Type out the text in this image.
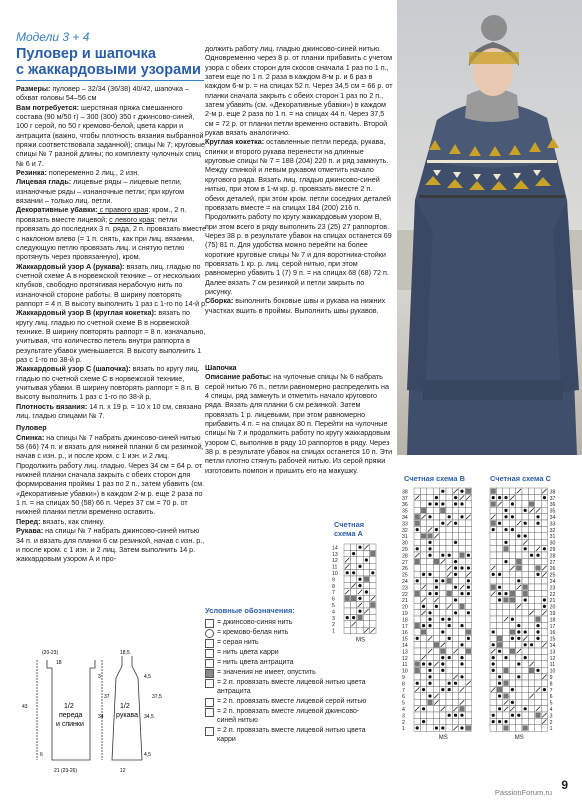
Модели 3 + 4
Пуловер и шапочка
с жаккардовыми узорами

Размеры: пуловер – 32/34 (36/38) 40/42, шапочка – обхват головы 54–56 см

Вам потребуется: шерстяная пряжа смешанного состава (90 м/50 г) – 300 (300) 350 г джинсово-синей, 100 г серой, по 50 г кремово-белой, цвета карри и антрацита (важно, чтобы плотность вязания выбранной пряжи соответствовала заданной); спицы № 7; круговые спицы № 7 разной длины; по комплекту чулочных спиц № 6 и 7.

Резинка: попеременно 2 лиц., 2 изн.

Лицевая гладь: лицевые ряды – лицевые петли, изнаночные ряды – изнаночные петли; при кругом вязании – только лиц. петли.

Декоративные убавки: с правого края: кром., 2 п. провязать вместе лицевой; с левого края: петли провязать до последних 3 п. ряда, 2 п. провязать вместе с наклоном влево (= 1 п. снять, как при лиц. вязании, следующую петлю провязать лиц. и снятую петлю протянуть через провязанную), кром.

Жаккардовый узор А (рукава): вязать лиц. гладью по счетной схеме А в норвежской технике – от нескольких клубков, свободно протягивая нерабочую нить по изнаночной стороне работы. В ширину повторять раппорт = 4 п. В высоту выполнить 1 раз с 1-го по 14-й р.

Жаккардовый узор В (круглая кокетка): вязать по кругу лиц. гладью по счетной схеме В в норвежской технике. В ширину повторять раппорт = 8 п. изначально, учитывая, что количество петель внутри раппорта в результате убавок уменьшается. В высоту выполнить 1 раз с 1-го по 38-й р.

Жаккардовый узор С (шапочка): вязать по кругу лиц. гладью по счетной схеме С в норвежской технике, учитывая убавки. В ширину повторять раппорт = 8 п. В высоту выполнить 1 раз с 1-го по 38-й р.

Плотность вязания: 14 п. x 19 р. = 10 x 10 см, связано лиц. гладью спицами № 7.

Пуловер

Спинка: на спицы № 7 набрать джинсово-синей нитью 58 (66) 74 п. и вязать для нижней планки 6 см резинкой, начав с изн. р., и после кром. с 1 изн. и 2 лиц. Продолжить работу лиц. гладью. Через 34 см = 64 р. от нижней планки сначала закрыть с обеих сторон для формирования проймы 1 раз по 2 п., затем убавить (см. «Декоративные убавки») в каждом 2-м р. еще 2 раза по 1 п. = на спицах 50 (58) 66 п. Через 37 см = 70 р. от нижней планки петли временно оставить.

Перед: вязать, как спинку.

Рукава: на спицы № 7 набрать джинсово-синей нитью 34 п. и вязать для планки 6 см резинкой, начав с изн. р., и после кром. с 1 изн. и 2 лиц. Затем выполнить 14 р. жаккардовым узором А и про-

должить работу лиц. гладью джинсово-синей нитью. Одновременно через 8 р. от планки прибавить с учетом узора с обеих сторон для скосов сначала 1 раз по 1 п., затем еще по 1 п. 2 раза в каждом 8-м р. и 6 раз в каждом 6-м р. = на спицах 52 п. Через 34,5 см = 66 р. от планки сначала закрыть с обеих сторон 1 раз по 2 п., затем убавить (см. «Декоративные убавки») в каждом 2-м р. еще 2 раза по 1 п. = на спицах 44 п. Через 37,5 см = 72 р. от планки петли временно оставить. Второй рукав вязать аналогично.

Круглая кокетка: оставленные петли переда, рукава, спинки и второго рукава перенести на длинные круговые спицы № 7 = 188 (204) 220 п. и ряд замкнуть. Между спинкой и левым рукавом отметить начало кругового ряда. Вязать лиц. гладью джинсово-синей нитью, при этом в 1-м кр. р. провязать вместе 2 п. обеих деталей, при этом кром. петли соседних деталей провязать вместе = на спицах 184 (200) 216 п. Продолжить работу по кругу жаккардовым узором В, при этом всего в ряду выполнить 23 (25) 27 раппортов. Через 38 р. в результате убавок на спицах останется 69 (75) 81 п. Для удобства можно перейти на более короткие круговые спицы № 7 и для воротника-стойки провязать 1 кр. р. лиц. серой нитью, при этом равномерно убавить 1 (7) 9 п. = на спицах 68 (68) 72 п. Далее вязать 7 см резинкой и петли закрыть по рисунку.

Сборка: выполнить боковые швы и рукава на нижних участках вшить в проймы. Выполнить швы рукавов.

Шапочка

Описание работы: на чулочные спицы № 6 набрать серой нитью 76 п., петли равномерно распределить на 4 спицы, ряд замкнуть и отметить начало кругового ряда. Вязать для планки 6 см резинкой. Затем провязать 1 р. лицевыми, при этом равномерно прибавить 4 п. = на спицах 80 п. Перейти на чулочные спицы № 7 и продолжить работу по кругу жаккардовым узором С, выполнив в ряду 10 раппортов в ряду. Через 38 р. в результате убавок на спицах останется 10 п. Эти петли плотно стянуть рабочей нитью. Из серой пряжи изготовить помпон и пришить его на макушку.

Счетная
схема А
14
13
12
11
10
9
8
7
6
5
4
3
2
1
MS
Счетная схема В
38
37
36
35
34
33
32
31
30
29
28
27
26
25
24
23
22
21
20
19
18
17
16
15
14
13
12
11
10
9
8
7
6
5
4
3
2
1
MS
Счетная схема С
38
37
36
35
34
33
32
31
30
29
28
27
26
25
24
23
22
21
20
19
18
17
16
15
14
13
12
11
10
9
8
7
6
5
4
3
2
1
MS
Условные обозначения:
= джинсово-синяя нить
= кремово-белая нить
= серая нить
= нить цвета карри
= нить цвета антрацита
= значения не имеет, опустить
= 2 п. провязать вместе лицевой нитью цвета антрацита
= 2 п. провязать вместе лицевой серой нитью
= 2 п. провязать вместе лицевой джинсово-синей нитью
= 2 п. провязать вместе лицевой нитью цвета карри
(20-23)
18
18,5
3
34
37
43
34,5
37,5
6
4,5
21 (23-26)	12
4,5
1/2
переда
и спинки
1/2
рукава
9
PassionForum.ru
